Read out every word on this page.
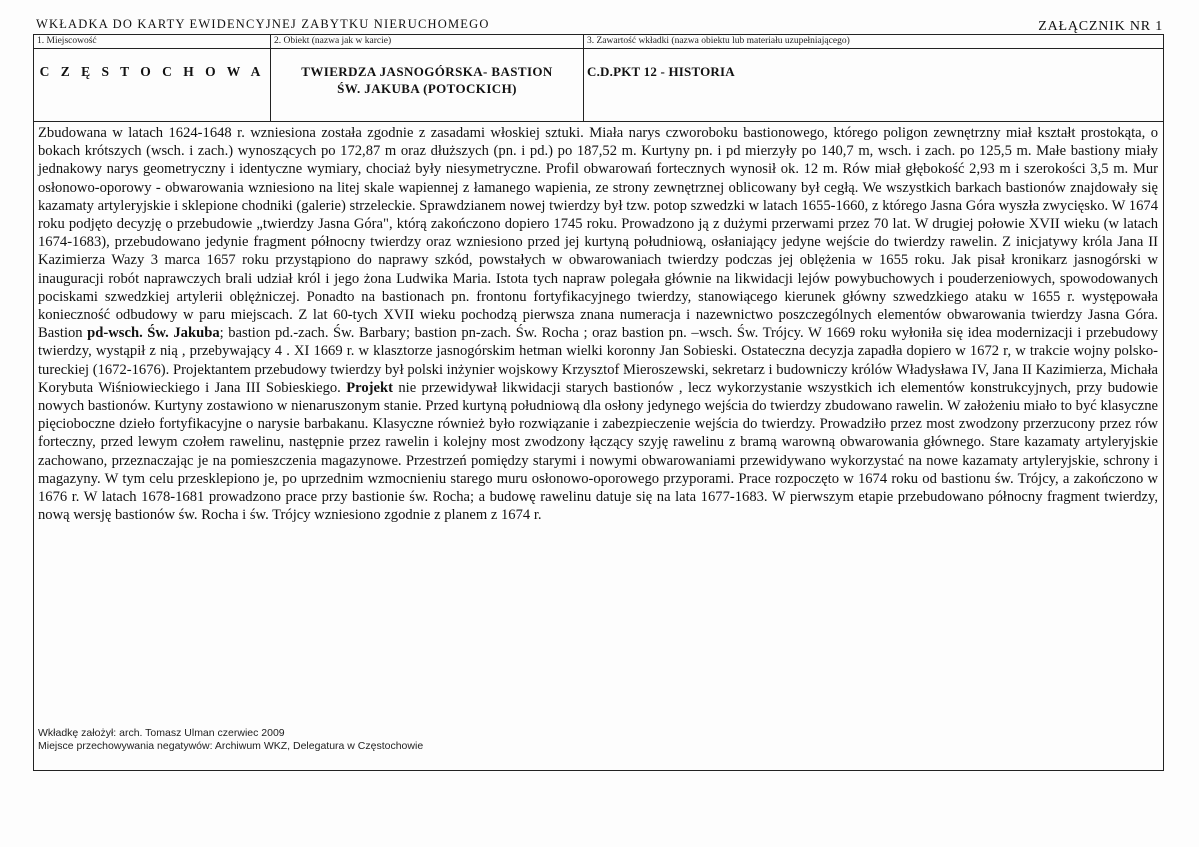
WKŁADKA DO KARTY EWIDENCYJNEJ ZABYTKU NIERUCHOMEGO	ZAŁĄCZNIK NR 1
1. Miejscowość
C Z Ę S T O C H O W A
2. Obiekt (nazwa jak w karcie)
TWIERDZA JASNOGÓRSKA- BASTION
ŚW. JAKUBA (POTOCKICH)
3. Zawartość wkładki (nazwa obiektu lub materiału uzupełniającego)
C.D.PKT 12 - HISTORIA
Zbudowana w latach 1624-1648 r. wzniesiona została zgodnie z zasadami włoskiej sztuki. Miała narys czworoboku bastionowego, którego poligon zewnętrzny miał kształt prostokąta, o bokach krótszych (wsch. i zach.) wynoszących po 172,87 m oraz dłuższych (pn. i pd.) po 187,52 m. Kurtyny pn. i pd mierzyły po 140,7 m, wsch. i zach. po 125,5 m. Małe bastiony miały jednakowy narys geometryczny i identyczne wymiary, chociaż były niesymetryczne. Profil obwarowań fortecznych wynosił ok. 12 m. Rów miał głębokość 2,93 m i szerokości 3,5 m. Mur osłonowo-oporowy - obwarowania wzniesiono na litej skale wapiennej z łamanego wapienia, ze strony zewnętrznej oblicowany był cegłą. We wszystkich barkach bastionów znajdowały się kazamaty artyleryjskie i sklepione chodniki (galerie) strzeleckie. Sprawdzianem nowej twierdzy był tzw. potop szwedzki w latach 1655-1660, z którego Jasna Góra wyszła zwycięsko. W 1674 roku podjęto decyzję o przebudowie „twierdzy Jasna Góra", którą zakończono dopiero 1745 roku. Prowadzono ją z dużymi przerwami przez 70 lat. W drugiej połowie XVII wieku (w latach 1674-1683), przebudowano jedynie fragment północny twierdzy oraz wzniesiono przed jej kurtyną południową, osłaniający jedyne wejście do twierdzy rawelin. Z inicjatywy króla Jana II Kazimierza Wazy 3 marca 1657 roku przystąpiono do naprawy szkód, powstałych w obwarowaniach twierdzy podczas jej oblężenia w 1655 roku. Jak pisał kronikarz jasnogórski w inauguracji robót naprawczych brali udział król i jego żona Ludwika Maria. Istota tych napraw polegała głównie na likwidacji lejów powybuchowych i pouderzeniowych, spowodowanych pociskami szwedzkiej artylerii oblężniczej. Ponadto na bastionach pn. frontonu fortyfikacyjnego twierdzy, stanowiącego kierunek główny szwedzkiego ataku w 1655 r. występowała konieczność odbudowy w paru miejscach. Z lat 60-tych XVII wieku pochodzą pierwsza znana numeracja i nazewnictwo poszczególnych elementów obwarowania twierdzy Jasna Góra. Bastion pd-wsch. Św. Jakuba; bastion pd.-zach. Św. Barbary; bastion pn-zach. Św. Rocha ; oraz bastion pn. –wsch. Św. Trójcy. W 1669 roku wyłoniła się idea modernizacji i przebudowy twierdzy, wystąpił z nią , przebywający 4 . XI 1669 r. w klasztorze jasnogórskim hetman wielki koronny Jan Sobieski. Ostateczna decyzja zapadła dopiero w 1672 r, w trakcie wojny polsko-tureckiej (1672-1676). Projektantem przebudowy twierdzy był polski inżynier wojskowy Krzysztof Mieroszewski, sekretarz i budowniczy królów Władysława IV, Jana II Kazimierza, Michała Korybuta Wiśniowieckiego i Jana III Sobieskiego. Projekt nie przewidywał likwidacji starych bastionów , lecz wykorzystanie wszystkich ich elementów konstrukcyjnych, przy budowie nowych bastionów. Kurtyny zostawiono w nienaruszonym stanie. Przed kurtyną południową dla osłony jedynego wejścia do twierdzy zbudowano rawelin. W założeniu miało to być klasyczne pięcioboczne dzieło fortyfikacyjne o narysie barbakanu. Klasyczne również było rozwiązanie i zabezpieczenie wejścia do twierdzy. Prowadziło przez most zwodzony przerzucony przez rów forteczny, przed lewym czołem rawelinu, następnie przez rawelin i kolejny most zwodzony łączący szyję rawelinu z bramą warowną obwarowania głównego. Stare kazamaty artyleryjskie zachowano, przeznaczając je na pomieszczenia magazynowe. Przestrzeń pomiędzy starymi i nowymi obwarowaniami przewidywano wykorzystać na nowe kazamaty artyleryjskie, schrony i magazyny. W tym celu przesklepiono je, po uprzednim wzmocnieniu starego muru osłonowo-oporowego przyporami. Prace rozpoczęto w 1674 roku od bastionu św. Trójcy, a zakończono w 1676 r. W latach 1678-1681 prowadzono prace przy bastionie św. Rocha; a budowę rawelinu datuje się na lata 1677-1683. W pierwszym etapie przebudowano północny fragment twierdzy, nową wersję bastionów św. Rocha i św. Trójcy wzniesiono zgodnie z planem z 1674 r.
Wkładkę założył: arch. Tomasz Ulman czerwiec 2009
Miejsce przechowywania negatywów: Archiwum WKZ, Delegatura w Częstochowie
